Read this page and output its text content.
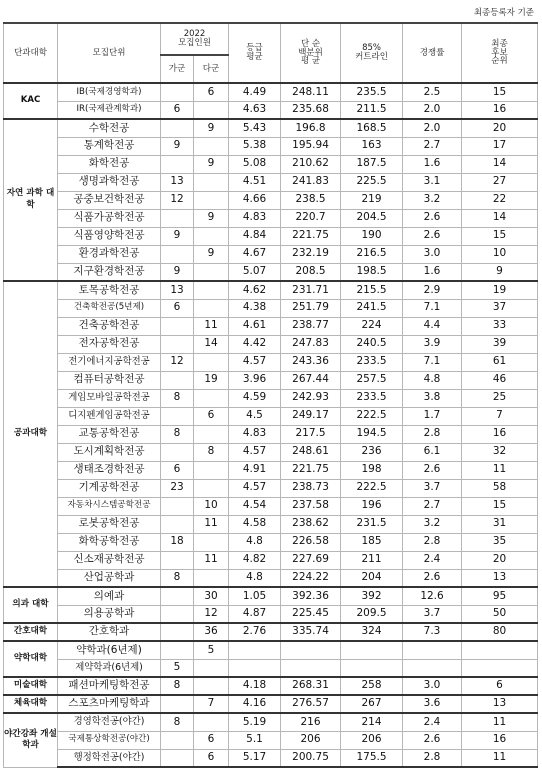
최종등록자 기준
단과대학	모집단위	2022
모집인원		등급
평균	단 순
백분위
평 균	85%
커트라인	경쟁률	최종
후보
순위

		가군	다군					
KAC	IB(국제경영학과)		6	4.49	248.11	235.5	2.5	15
	IR(국제관계학과)	6		4.63	235.68	211.5	2.0	16
자연 과학 대학	수학전공		9	5.43	196.8	168.5	2.0	20
	통계학전공	9		5.38	195.94	163	2.7	17
	화학전공		9	5.08	210.62	187.5	1.6	14
	생명과학전공	13		4.51	241.83	225.5	3.1	27
	공중보건학전공	12		4.66	238.5	219	3.2	22
	식품가공학전공		9	4.83	220.7	204.5	2.6	14
	식품영양학전공	9		4.84	221.75	190	2.6	15
	환경과학전공		9	4.67	232.19	216.5	3.0	10
	지구환경학전공	9		5.07	208.5	198.5	1.6	9
공과대학	토목공학전공	13		4.62	231.71	215.5	2.9	19
	건축학전공(5년제)	6		4.38	251.79	241.5	7.1	37
	건축공학전공		11	4.61	238.77	224	4.4	33
	전자공학전공		14	4.42	247.83	240.5	3.9	39
	전기에너지공학전공	12		4.57	243.36	233.5	7.1	61
	컴퓨터공학전공		19	3.96	267.44	257.5	4.8	46
	게임모바일공학전공	8		4.59	242.93	233.5	3.8	25
	디지펜게임공학전공		6	4.5	249.17	222.5	1.7	7
	교통공학전공	8		4.83	217.5	194.5	2.8	16
	도시계획학전공		8	4.57	248.61	236	6.1	32
	생태조경학전공	6		4.91	221.75	198	2.6	11
	기계공학전공	23		4.57	238.73	222.5	3.7	58
	자동차시스템공학전공		10	4.54	237.58	196	2.7	15
	로봇공학전공		11	4.58	238.62	231.5	3.2	31
	화학공학전공	18		4.8	226.58	185	2.8	35
	신소재공학전공		11	4.82	227.69	211	2.4	20
	산업공학과	8		4.8	224.22	204	2.6	13
의과 대학	의예과		30	1.05	392.36	392	12.6	95
	의용공학과		12	4.87	225.45	209.5	3.7	50
간호대학	간호학과		36	2.76	335.74	324	7.3	80
약학대학	약학과(6년제)		5					
	제약학과(6년제)	5						
미술대학	패션마케팅학전공	8		4.18	268.31	258	3.0	6
체육대학	스포츠마케팅학과		7	4.16	276.57	267	3.6	13
야간강좌 개설학과	경영학전공(야간)	8		5.19	216	214	2.4	11
	국제통상학전공(야간)		6	5.1	206	206	2.6	16
	행정학전공(야간)		6	5.17	200.75	175.5	2.8	11
